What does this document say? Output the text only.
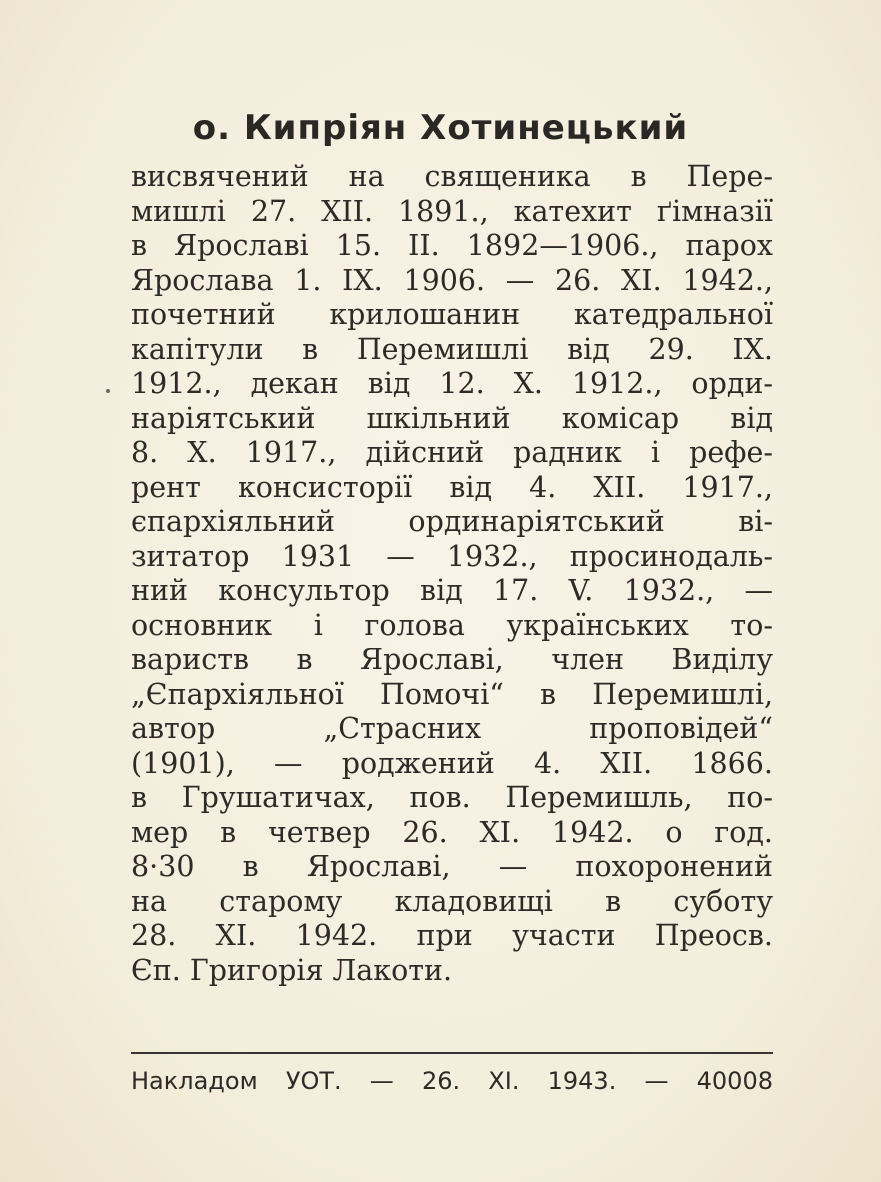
о. Кипріян Хотинецький
висвячений на священика в Пере-
мишлі 27. XII. 1891., катехит ґімназії
в Ярославі 15. II. 1892—1906., парох
Ярослава 1. IX. 1906. — 26. XI. 1942.,
почетний крилошанин катедральної
капітули в Перемишлі від 29. IX.
1912., декан від 12. X. 1912., орди-
наріятський шкільний комісар від
8. X. 1917., дійсний радник і рефе-
рент консисторії від 4. XII. 1917.,
єпархіяльний ординаріятський ві-
зитатор 1931 — 1932., просинодаль-
ний консультор від 17. V. 1932., —
основник і голова українських то-
вариств в Ярославі, член Виділу
„Єпархіяльної Помочі“ в Перемишлі,
автор „Страсних проповідей“
(1901), — роджений 4. XII. 1866.
в Грушатичах, пов. Перемишль, по-
мер в четвер 26. XI. 1942. о год.
8·30 в Ярославі, — похоронений
на старому кладовищі в суботу
28. XI. 1942. при участи Преосв.
Єп. Григорія Лакоти.
Накладом УОТ. — 26. XI. 1943. — 40008
